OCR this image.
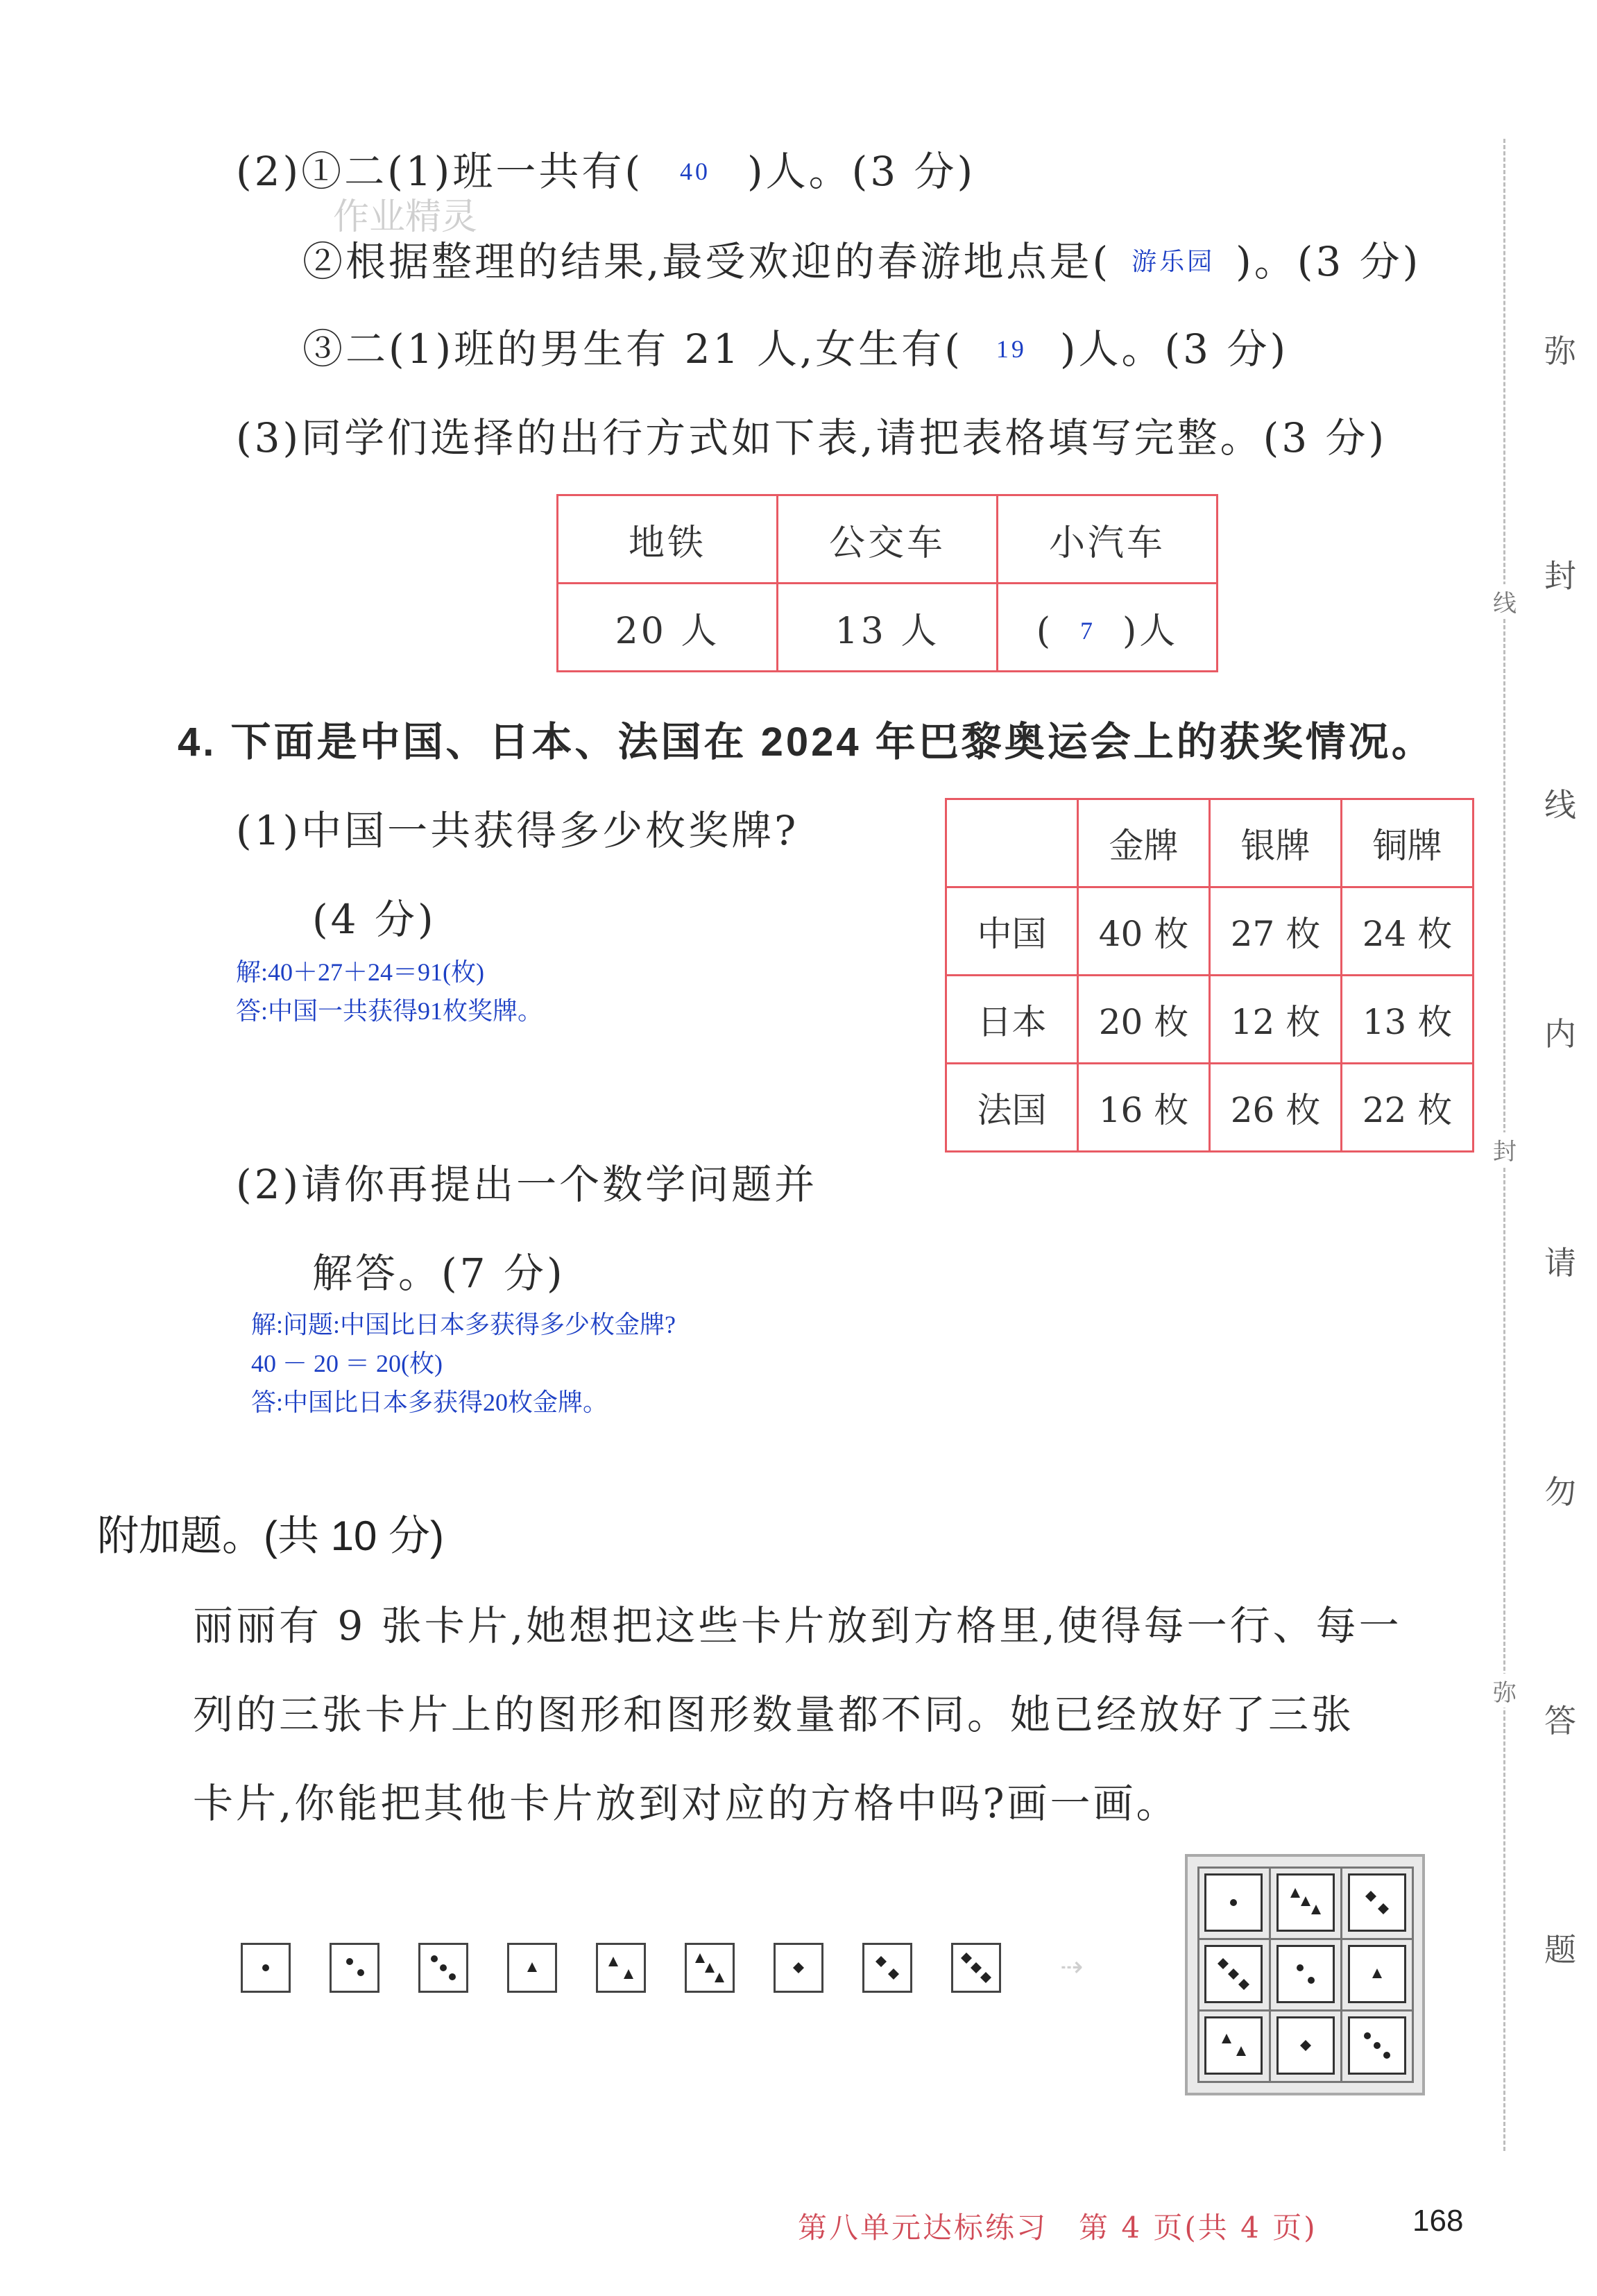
(2)①二(1)班一共有( 40 )人。(3 分)
作业精灵
②根据整理的结果,最受欢迎的春游地点是( 游乐园 )。(3 分)
③二(1)班的男生有 21 人,女生有( 19 )人。(3 分)
(3)同学们选择的出行方式如下表,请把表格填写完整。(3 分)
地铁	公交车	小汽车
20 人	13 人	( 7 )人
4. 下面是中国、日本、法国在 2024 年巴黎奥运会上的获奖情况。
(1)中国一共获得多少枚奖牌?
(4 分)
解:40＋27＋24＝91(枚)
答:中国一共获得91枚奖牌。
	金牌	银牌	铜牌
中国	40 枚	27 枚	24 枚
日本	20 枚	12 枚	13 枚
法国	16 枚	26 枚	22 枚
(2)请你再提出一个数学问题并
解答。(7 分)
解:问题:中国比日本多获得多少枚金牌?
40 － 20 ＝ 20(枚)
答:中国比日本多获得20枚金牌。
附加题。(共 10 分)
丽丽有 9 张卡片,她想把这些卡片放到方格里,使得每一行、每一
列的三张卡片上的图形和图形数量都不同。她已经放好了三张
卡片,你能把其他卡片放到对应的方格中吗?画一画。
⇢
弥
封
线
内
请
勿
答
题
线
封
弥
第八单元达标练习　第 4 页(共 4 页)	168
